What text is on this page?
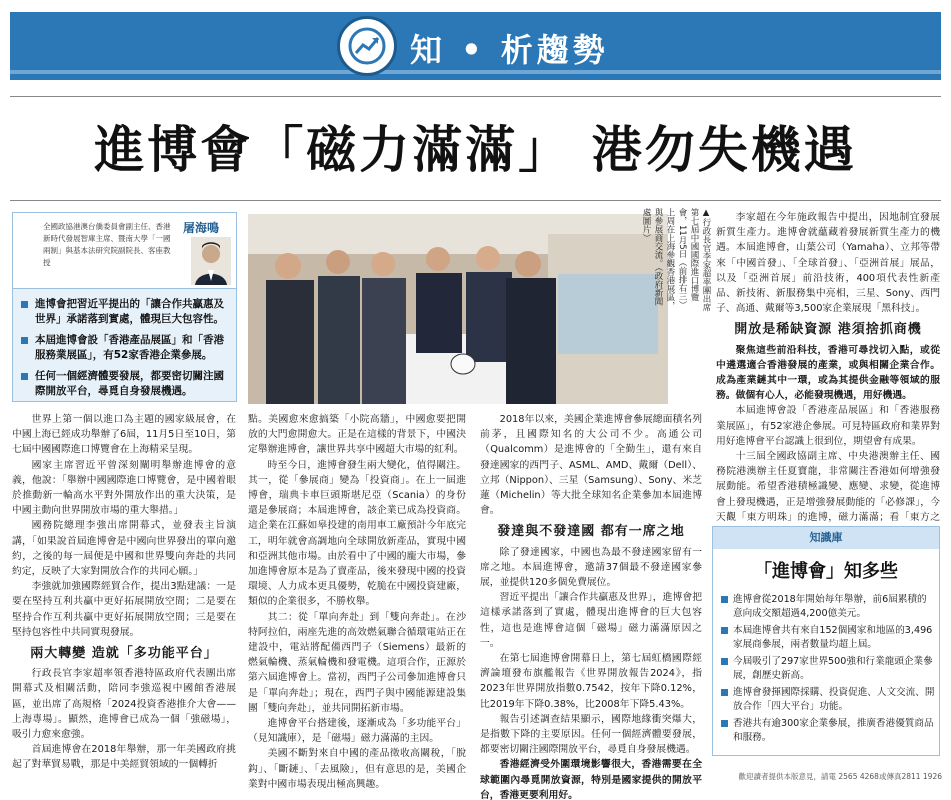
知 • 析趨勢
進博會「磁力滿滿」 港勿失機遇
全國政協港澳台僑委員會副主任、香港新時代發展智庫主席、暨南大學「一國兩制」與基本法研究院副院長、客座教授
屠海鳴
進博會把習近平提出的「讓合作共贏惠及世界」承諾落到實處，體現巨大包容性。
本屆進博會設「香港產品展區」和「香港服務業展區」，有52家香港企業參展。
任何一個經濟體要發展，都要密切關注國際開放平台，尋覓自身發展機遇。
▲行政長官李家超率團出席第七屆中國國際進口博覽會，11月5日（前排右三）上周在上海參觀香港展區，與參展商交流。（政府新聞處圖片）

世界上第一個以進口為主題的國家級展會，在中國上海已經成功舉辦了6屆，11月5日至10日，第七屆中國國際進口博覽會在上海精采呈現。

國家主席習近平曾深刻闡明舉辦進博會的意義，他說：「舉辦中國國際進口博覽會，是中國着眼於推動新一輪高水平對外開放作出的重大決策，是中國主動向世界開放市場的重大舉措。」

國務院總理李強出席開幕式，並發表主旨演講，「如果說首屆進博會是中國向世界發出的單向邀約，之後的每一屆便是中國和世界雙向奔赴的共同約定，反映了大家對開放合作的共同心願。」

李強就加強國際經貿合作，提出3點建議：一是要在堅持互利共贏中更好拓展開放空間；二是要在堅持合作互利共贏中更好拓展開放空間；三是要在堅持包容性中共同實現發展。

兩大轉變 造就「多功能平台」

行政長官李家超率領香港特區政府代表團出席開幕式及相關活動，陪同李強巡視中國館香港展區，並出席了高規格「2024投資香港推介大會——上海專場」。顯然，進博會已成為一個「強磁場」，吸引力愈來愈強。

首屆進博會在2018年舉辦，那一年美國政府挑起了對華貿易戰，那是中美經貿領域的一個轉折

點。美國愈來愈搞築「小院高牆」，中國愈要把開放的大門愈開愈大。正是在這樣的背景下，中國決定舉辦進博會，讓世界共享中國超大市場的紅利。

時至今日，進博會發生兩大變化，值得關注。其一，從「參展商」變為「投資商」。在上一屆進博會，瑞典卡車巨頭斯堪尼亞（Scania）的身份還是參展商；本屆進博會，該企業已成為投資商。這企業在江蘇如皋投建的南用車工廠預計今年底完工，明年就會高調地向全球開放新產品，實現中國和亞洲其他市場。由於看中了中國的龐大市場，參加進博會原本是為了賣產品，後來發現中國的投資環境、人力成本更具優勢，乾脆在中國投資建廠，類似的企業很多，不勝枚舉。

其二：從「單向奔赴」到「雙向奔赴」。在沙特阿拉伯，兩座先進的高效燃氣聯合循環電站正在建設中，電站將配備西門子（Siemens）最新的燃氣輪機、蒸氣輪機和發電機。這項合作，正源於第六屆進博會上。當初，西門子公司參加進博會只是「單向奔赴」；現在，西門子與中國能源建設集團「雙向奔赴」，並共同開拓新市場。

進博會平台搭建後，逐漸成為「多功能平台」（見知識庫），是「磁場」磁力滿滿的主因。

美國不斷對來自中國的產品徵收高關稅，「脫鈎」、「斷鏈」、「去風險」，但有意思的是，美國企業對中國市場表現出極高興趣。

2018年以來，美國企業進博會參展總面積名列前茅，且國際知名的大公司不少。高通公司（Qualcomm）是進博會的「全勤生」，還有來自發達國家的西門子、ASML、AMD、戴爾（Dell）、立邦（Nippon）、三星（Samsung）、Sony、米芝蓮（Michelin）等大批全球知名企業參加本屆進博會。

發達與不發達國 都有一席之地

除了發達國家，中國也為最不發達國家留有一席之地。本屆進博會，邀請37個最不發達國家參展，並提供120多個免費展位。

習近平提出「讓合作共贏惠及世界」，進博會把這樣承諾落到了實處，體現出進博會的巨大包容性，這也是進博會這個「磁場」磁力滿滿原因之一。

在第七屆進博會開幕日上，第七屆虹橋國際經濟論壇發布旗艦報告《世界開放報告2024》，指2023年世界開放指數0.7542，按年下降0.12%，比2019年下降0.38%，比2008年下降5.43%。

報告引述調查結果顯示，國際地緣衝突爆大，是指數下降的主要原因。任何一個經濟體要發展，都要密切關注國際開放平台，尋覓自身發展機遇。

香港經濟受外圍環境影響很大，香港需要在全球範圍內尋覓開放資源，特別是國家提供的開放平台，香港更要利用好。

李家超在今年施政報告中提出，因地制宜發展新質生產力。進博會就蘊藏着發展新質生產力的機遇。本屆進博會，山葉公司（Yamaha）、立邦等帶來「中國首發」、「全球首發」、「亞洲首展」展品，以及「亞洲首展」前沿技術，400項代表性新產品、新技術、新服務集中亮相，三星、Sony、西門子、高通、戴爾等3,500家企業展現「黑科技」。

開放是稀缺資源 港須捨抓商機

聚焦這些前沿科技，香港可尋找切入點，或從中遴選適合香港發展的產業，或與相關企業合作。成為產業鏈其中一環，或為其提供金融等領域的服務。做個有心人，必能發現機遇，用好機遇。

本屆進博會設「香港產品展區」和「香港服務業展區」，有52家港企參展。可見特區政府和業界對用好進博會平台認識上很到位，期望會有成果。

十三屆全國政協副主席、中央港澳辦主任、國務院港澳辦主任夏寶龍，非常關注香港如何增強發展動能。希望香港積極識變、應變、求變，從進博會上發現機遇，正是增強發展動能的「必修課」，今天觀「東方明珠」的進博，磁力滿滿；看「東方之

知識庫
「進博會」知多些
進博會從2018年開始每年舉辦，前6屆累積的意向成交額超過4,200億美元。
本屆進博會共有來自152個國家和地區的3,496家展商參展，兩者數量均超上屆。
今屆吸引了297家世界500強和行業龍頭企業參展，創歷史新高。
進博會發揮國際採購、投資促進、人文交流、開放合作「四大平台」功能。
香港共有逾300家企業參展，推廣香港優質商品和服務。
歡迎讀者提供本版意見，請電 2565 4268或傳真2811 1926
